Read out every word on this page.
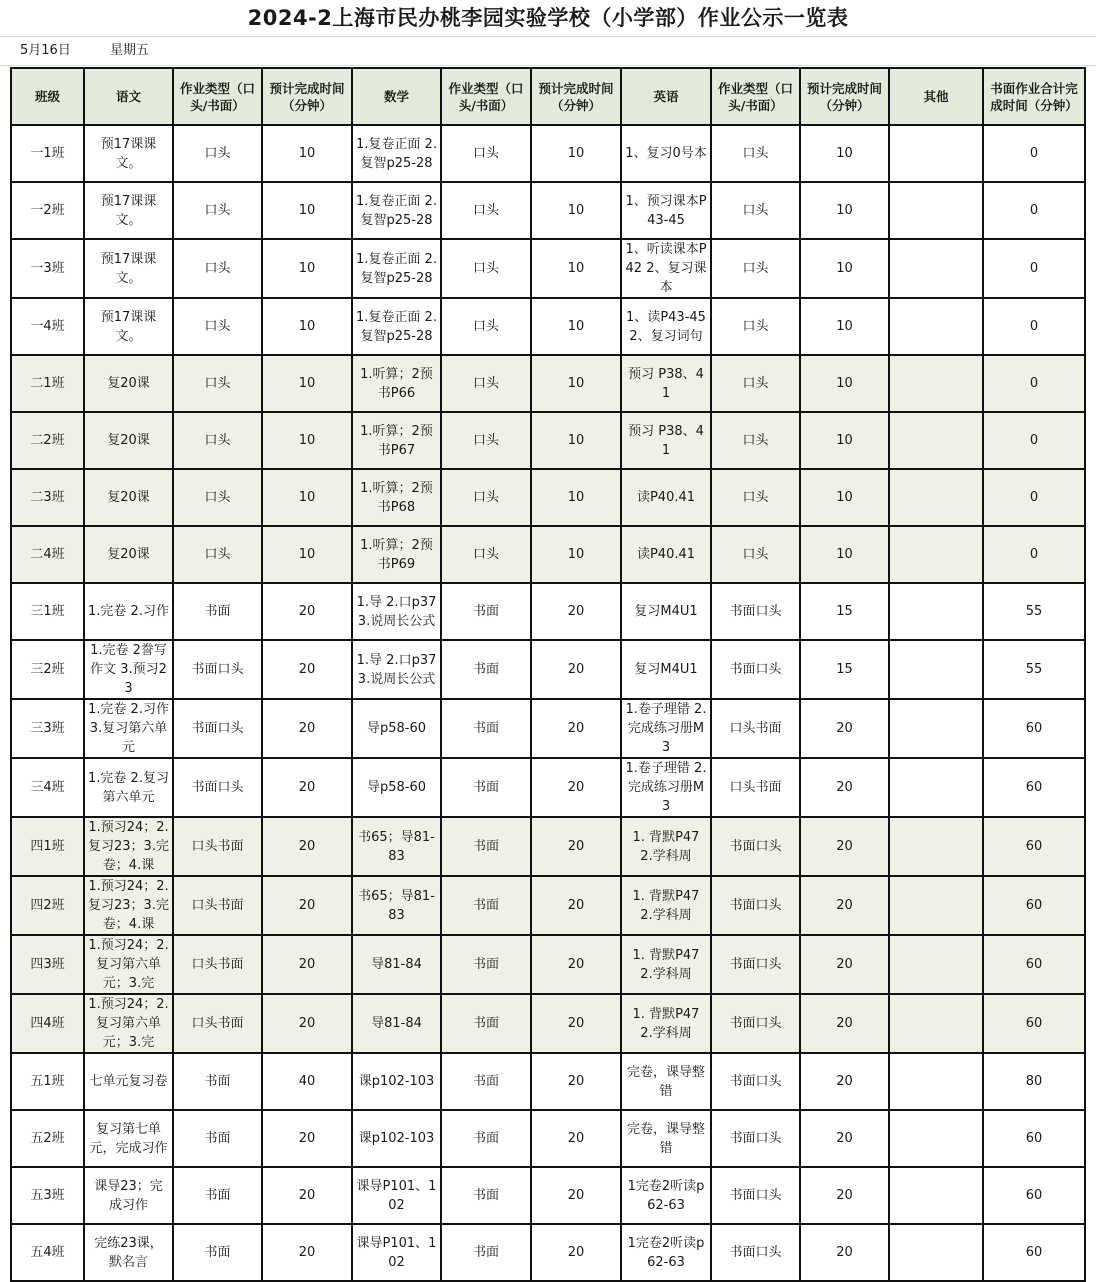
2024-2上海市民办桃李园实验学校（小学部）作业公示一览表
5月16日	星期五
班级	语文	作业类型（口头/书面）	预计完成时间（分钟）	数学	作业类型（口头/书面）	预计完成时间（分钟）	英语	作业类型（口头/书面）	预计完成时间（分钟）	其他	书面作业合计完成时间（分钟）

一1班	预17课课文。	口头	10	1.复卷正面 2.复智p25-28	口头	10	1、复习0号本	口头	10		0

一2班	预17课课文。	口头	10	1.复卷正面 2.复智p25-28	口头	10	1、预习课本P43-45	口头	10		0

一3班	预17课课文。	口头	10	1.复卷正面 2.复智p25-28	口头	10	1、听读课本P42 2、复习课本	口头	10		0

一4班	预17课课文。	口头	10	1.复卷正面 2.复智p25-28	口头	10	1、读P43-45 2、复习词句	口头	10		0

二1班	复20课	口头	10	1.听算；2预书P66	口头	10	预习 P38、41	口头	10		0

二2班	复20课	口头	10	1.听算；2预书P67	口头	10	预习 P38、41	口头	10		0

二3班	复20课	口头	10	1.听算；2预书P68	口头	10	读P40.41	口头	10		0

二4班	复20课	口头	10	1.听算；2预书P69	口头	10	读P40.41	口头	10		0

三1班	1.完卷 2.习作	书面	20	1.导 2.口p37 3.说周长公式	书面	20	复习M4U1	书面口头	15		55

三2班	1.完卷 2誊写作文 3.预习23	书面口头	20	1.导 2.口p37 3.说周长公式	书面	20	复习M4U1	书面口头	15		55

三3班	1.完卷 2.习作 3.复习第六单元	书面口头	20	导p58-60	书面	20	1.卷子理错 2.完成练习册M3	口头书面	20		60

三4班	1.完卷 2.复习第六单元	书面口头	20	导p58-60	书面	20	1.卷子理错 2.完成练习册M3	口头书面	20		60

四1班	1.预习24；2.复习23；3.完卷；4.课	口头书面	20	书65；导81-83	书面	20	1. 背默P47 2.学科周	书面口头	20		60

四2班	1.预习24；2.复习23；3.完卷；4.课	口头书面	20	书65；导81-83	书面	20	1. 背默P47 2.学科周	书面口头	20		60

四3班	1.预习24；2.复习第六单元；3.完	口头书面	20	导81-84	书面	20	1. 背默P47 2.学科周	书面口头	20		60

四4班	1.预习24；2.复习第六单元；3.完	口头书面	20	导81-84	书面	20	1. 背默P47 2.学科周	书面口头	20		60

五1班	七单元复习卷	书面	40	课p102-103	书面	20	完卷，课导整错	书面口头	20		80

五2班	复习第七单元，完成习作	书面	20	课p102-103	书面	20	完卷，课导整错	书面口头	20		60

五3班	课导23；完成习作	书面	20	课导P101、102	书面	20	1完卷2听读p62-63	书面口头	20		60

五4班	完练23课，默名言	书面	20	课导P101、102	书面	20	1完卷2听读p62-63	书面口头	20		60
